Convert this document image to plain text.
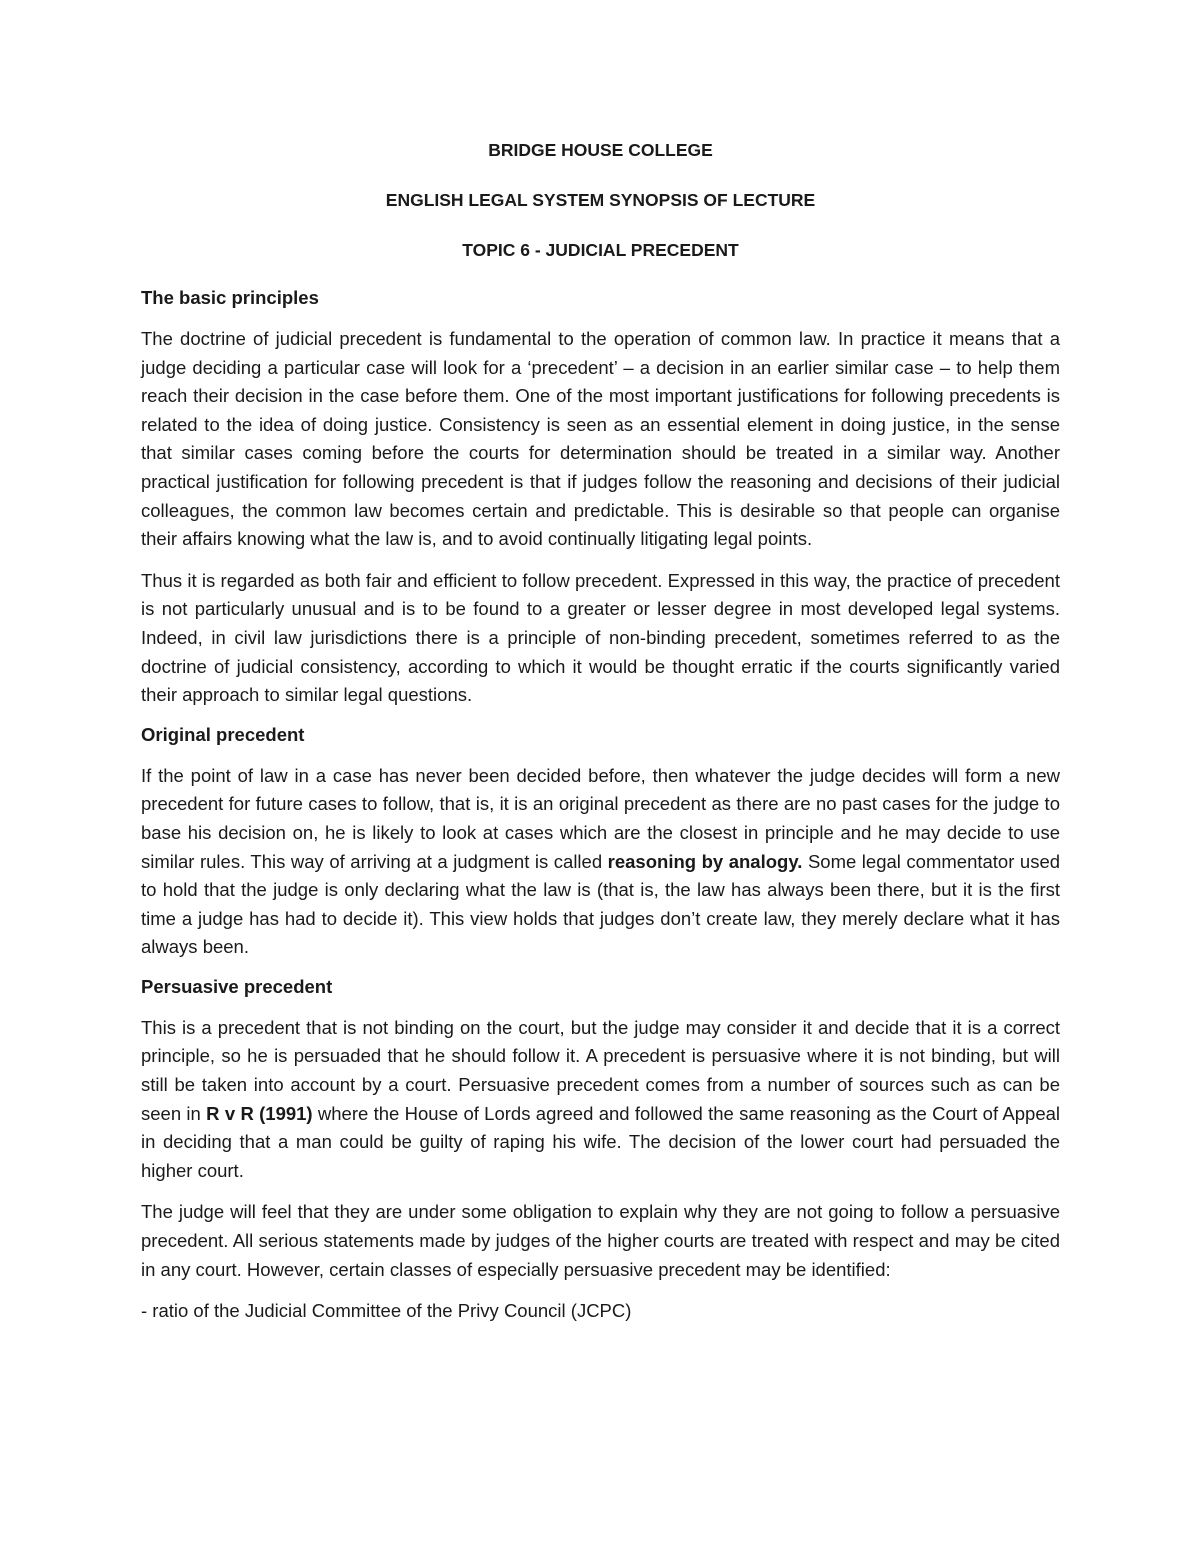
BRIDGE HOUSE COLLEGE
ENGLISH LEGAL SYSTEM SYNOPSIS OF LECTURE
TOPIC 6 - JUDICIAL PRECEDENT
The basic principles

The doctrine of judicial precedent is fundamental to the operation of common law. In practice it means that a judge deciding a particular case will look for a ‘precedent’ – a decision in an earlier similar case – to help them reach their decision in the case before them. One of the most important justifications for following precedents is related to the idea of doing justice. Consistency is seen as an essential element in doing justice, in the sense that similar cases coming before the courts for determination should be treated in a similar way. Another practical justification for following precedent is that if judges follow the reasoning and decisions of their judicial colleagues, the common law becomes certain and predictable. This is desirable so that people can organise their affairs knowing what the law is, and to avoid continually litigating legal points.

Thus it is regarded as both fair and efficient to follow precedent. Expressed in this way, the practice of precedent is not particularly unusual and is to be found to a greater or lesser degree in most developed legal systems. Indeed, in civil law jurisdictions there is a principle of non-binding precedent, sometimes referred to as the doctrine of judicial consistency, according to which it would be thought erratic if the courts significantly varied their approach to similar legal questions.

Original precedent

If the point of law in a case has never been decided before, then whatever the judge decides will form a new precedent for future cases to follow, that is, it is an original precedent as there are no past cases for the judge to base his decision on, he is likely to look at cases which are the closest in principle and he may decide to use similar rules. This way of arriving at a judgment is called reasoning by analogy. Some legal commentator used to hold that the judge is only declaring what the law is (that is, the law has always been there, but it is the first time a judge has had to decide it). This view holds that judges don’t create law, they merely declare what it has always been.

Persuasive precedent

This is a precedent that is not binding on the court, but the judge may consider it and decide that it is a correct principle, so he is persuaded that he should follow it. A precedent is persuasive where it is not binding, but will still be taken into account by a court. Persuasive precedent comes from a number of sources such as can be seen in R v R (1991) where the House of Lords agreed and followed the same reasoning as the Court of Appeal in deciding that a man could be guilty of raping his wife. The decision of the lower court had persuaded the higher court.

The judge will feel that they are under some obligation to explain why they are not going to follow a persuasive precedent. All serious statements made by judges of the higher courts are treated with respect and may be cited in any court. However, certain classes of especially persuasive precedent may be identified:

- ratio of the Judicial Committee of the Privy Council (JCPC)
